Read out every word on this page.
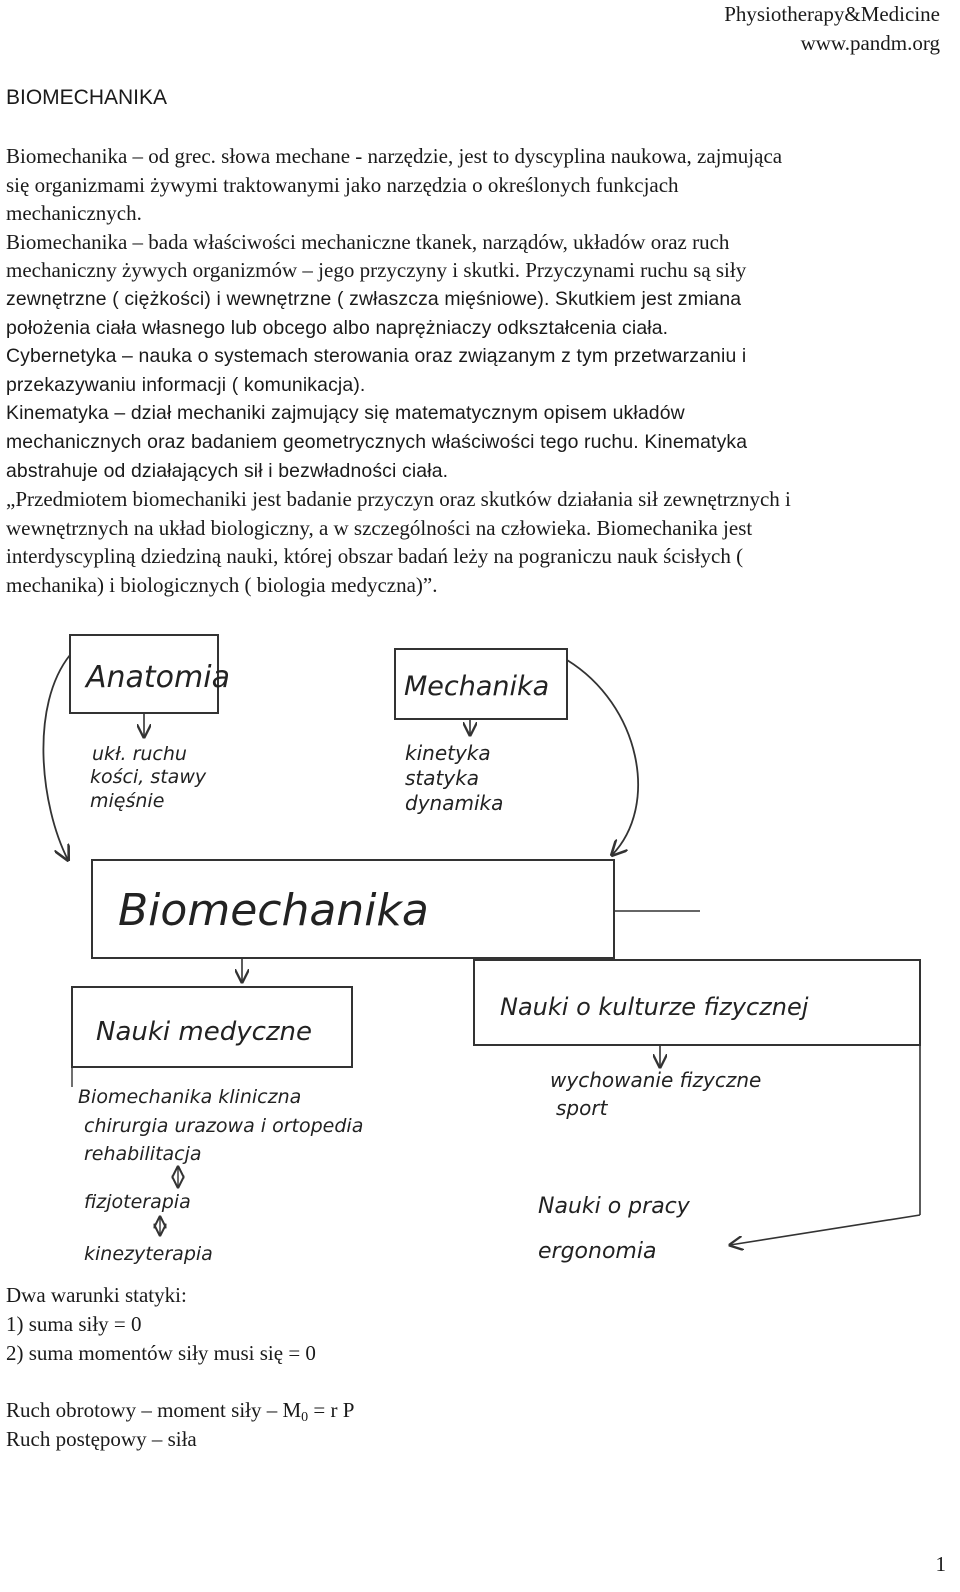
Physiotherapy&Medicine
www.pandm.org
BIOMECHANIKA
Biomechanika – od grec. słowa mechane - narzędzie, jest to dyscyplina naukowa, zajmująca
się organizmami żywymi traktowanymi jako narzędzia o określonych funkcjach
mechanicznych.
Biomechanika – bada właściwości mechaniczne tkanek, narządów, układów oraz ruch
mechaniczny żywych organizmów – jego przyczyny i skutki. Przyczynami ruchu są siły
zewnętrzne ( ciężkości) i wewnętrzne ( zwłaszcza mięśniowe). Skutkiem jest zmiana
położenia ciała własnego lub obcego albo naprężniaczy odkształcenia ciała.
Cybernetyka – nauka o systemach sterowania oraz związanym z tym przetwarzaniu i
przekazywaniu informacji ( komunikacja).
Kinematyka – dział mechaniki zajmujący się matematycznym opisem układów
mechanicznych oraz badaniem geometrycznych właściwości tego ruchu. Kinematyka
abstrahuje od działających sił i bezwładności ciała.
„Przedmiotem biomechaniki jest badanie przyczyn oraz skutków działania sił zewnętrznych i
wewnętrznych na układ biologiczny, a w szczególności na człowieka. Biomechanika jest
interdyscypliną dziedziną nauki, której obszar badań leży na pograniczu nauk ścisłych (
mechanika) i biologicznych ( biologia medyczna)”.
Anatomia
ukł. ruchu
kości, stawy
mięśnie
Mechanika
kinetyka
statyka
dynamika
Biomechanika
Nauki medyczne
Biomechanika kliniczna
chirurgia urazowa i ortopedia
rehabilitacja
fizjoterapia
kinezyterapia
Nauki o kulturze fizycznej
wychowanie fizyczne
sport
Nauki o pracy
ergonomia
Dwa warunki statyki:
1) suma siły = 0
2) suma momentów siły musi się = 0
Ruch obrotowy – moment siły – $M_0 = r$ P
Ruch postępowy – siła
1
